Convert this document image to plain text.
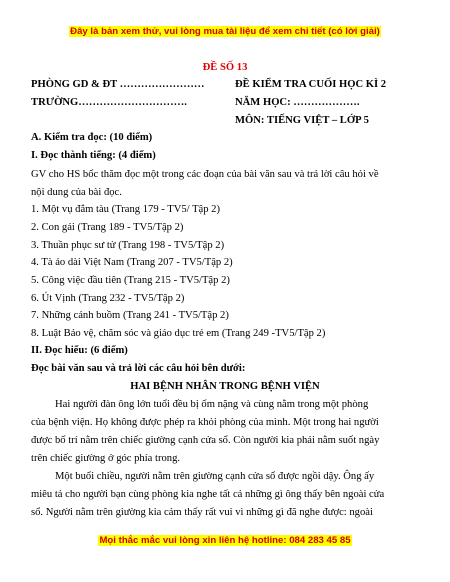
Đây là bản xem thử, vui lòng mua tài liệu để xem chi tiết (có lời giải)
ĐỀ SỐ 13
PHÒNG GD & ĐT ……………………	ĐỀ KIỂM TRA CUỐI HỌC KÌ 2
TRƯỜNG………………………….	NĂM HỌC: ……………….
MÔN: TIẾNG VIỆT – LỚP 5
A. Kiểm tra đọc: (10 điểm)
I. Đọc thành tiếng: (4 điểm)
GV cho HS bốc thăm đọc một trong các đoạn của bài văn sau và trả lời câu hỏi về
nội dung của bài đọc.
1. Một vụ đắm tàu (Trang 179 - TV5/ Tập 2)
2. Con gái (Trang 189 - TV5/Tập 2)
3. Thuần phục sư tử (Trang 198 - TV5/Tập 2)
4. Tà áo dài Việt Nam (Trang 207 - TV5/Tập 2)
5. Công việc đầu tiên (Trang 215 - TV5/Tập 2)
6. Út Vịnh (Trang 232 - TV5/Tập 2)
7. Những cánh buồm (Trang 241 - TV5/Tập 2)
8. Luật Bảo vệ, chăm sóc và giáo dục trẻ em (Trang 249 -TV5/Tập 2)
II. Đọc hiểu: (6 điểm)
Đọc bài văn sau và trả lời các câu hỏi bên dưới:
HAI BỆNH NHÂN TRONG BỆNH VIỆN
Hai người đàn ông lớn tuổi đều bị ốm nặng và cùng nằm trong một phòng
của bệnh viện. Họ không được phép ra khỏi phòng của mình. Một trong hai người
được bố trí nằm trên chiếc giường cạnh cửa sổ. Còn người kia phải nằm suốt ngày
trên chiếc giường ở góc phía trong.
Một buổi chiều, người nằm trên giường cạnh cửa sổ được ngồi dậy. Ông ấy
miêu tả cho người bạn cùng phòng kia nghe tất cả những gì ông thấy bên ngoài cửa
sổ. Người nằm trên giường kia cảm thấy rất vui vì những gì đã nghe được: ngoài
Mọi thắc mắc vui lòng xin liên hệ hotline: 084 283 45 85
